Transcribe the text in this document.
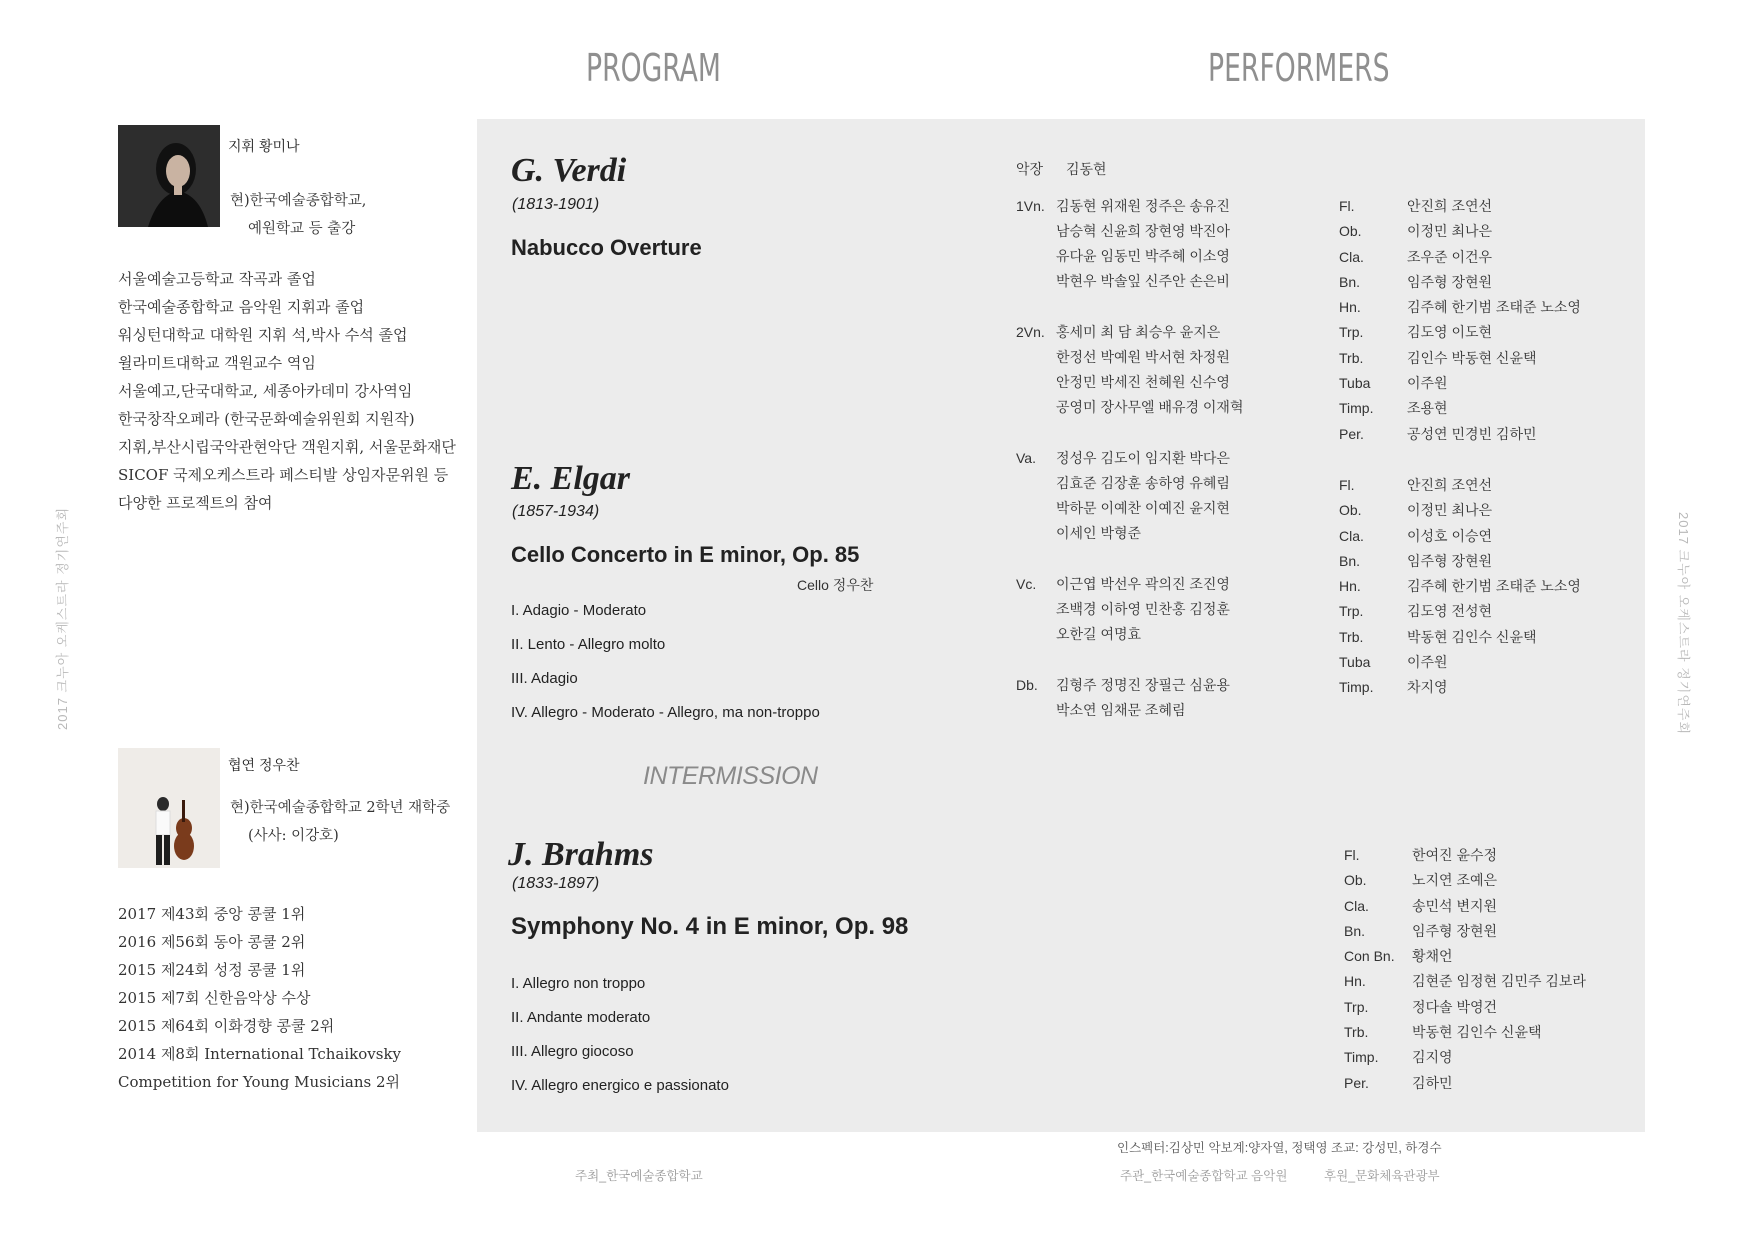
PROGRAM	PERFORMERS
2017 크누아 오케스트라 정기연주회	2017 크누아 오케스트라 정기연주회
지휘 황미나
현)한국예술종합학교,
예원학교 등 출강
서울예술고등학교 작곡과 졸업
한국예술종합학교 음악원 지휘과 졸업
워싱턴대학교 대학원 지휘 석,박사 수석 졸업
윌라미트대학교 객원교수 역임
서울예고,단국대학교, 세종아카데미 강사역임
한국창작오페라 (한국문화예술위원회 지원작)
지휘,부산시립국악관현악단 객원지휘, 서울문화재단
SICOF 국제오케스트라 페스티발 상임자문위원 등
다양한 프로젝트의 참여
협연 정우찬
현)한국예술종합학교 2학년 재학중
(사사: 이강호)
2017 제43회 중앙 콩쿨 1위
2016 제56회 동아 콩쿨 2위
2015 제24회 성정 콩쿨 1위
2015 제7회 신한음악상 수상
2015 제64회 이화경향 콩쿨 2위
2014 제8회 International Tchaikovsky
Competition for Young Musicians 2위
G. Verdi
(1813-1901)
Nabucco Overture
E. Elgar
(1857-1934)
Cello Concerto in E minor, Op. 85
Cello 정우찬
I. Adagio - Moderato
II. Lento - Allegro molto
III. Adagio
IV. Allegro - Moderato - Allegro, ma non-troppo
INTERMISSION
J. Brahms
(1833-1897)
Symphony No. 4 in E minor, Op. 98
I. Allegro non troppo
II. Andante moderato
III. Allegro giocoso
IV. Allegro energico e passionato
악장	김동현
1Vn. 김동현 위재원 정주은 송유진
남승혁 신윤희 장현영 박진아
유다윤 임동민 박주혜 이소영
박현우 박솔잎 신주안 손은비
2Vn. 홍세미 최 담 최승우 윤지은
한정선 박예원 박서현 차정원
안정민 박세진 천혜원 신수영
공영미 장사무엘 배유경 이재혁
Va.	정성우 김도이 임지환 박다은
김효준 김장훈 송하영 유혜림
박하문 이예찬 이예진 윤지현
이세인 박형준
Vc.	이근엽 박선우 곽의진 조진영
조백경 이하영 민찬홍 김정훈
오한길 여명효
Db.	김형주 정명진 장필근 심윤용
박소연 임채문 조혜림
Fl.	안진희 조연선
Ob.	이정민 최나은
Cla.	조우준 이건우
Bn.	임주형 장현원
Hn.	김주혜 한기범 조태준 노소영
Trp.	김도영 이도현
Trb.	김인수 박동현 신윤택
Tuba	이주원
Timp.	조용현
Per.	공성연 민경빈 김하민
Fl.	안진희 조연선
Ob.	이정민 최나은
Cla.	이성호 이승연
Bn.	임주형 장현원
Hn.	김주혜 한기범 조태준 노소영
Trp.	김도영 전성현
Trb.	박동현 김인수 신윤택
Tuba	이주원
Timp.	차지영
Fl.	한여진 윤수정
Ob.	노지연 조예은
Cla.	송민석 변지원
Bn.	임주형 장현원
Con Bn.	황채언
Hn.	김현준 임정현 김민주 김보라
Trp.	정다솔 박영건
Trb.	박동현 김인수 신윤택
Timp.	김지영
Per.	김하민
인스펙터:김상민 악보계:양자열, 정택영 조교: 강성민, 하경수
주최_한국예술종합학교	주관_한국예술종합학교 음악원	후원_문화체육관광부
